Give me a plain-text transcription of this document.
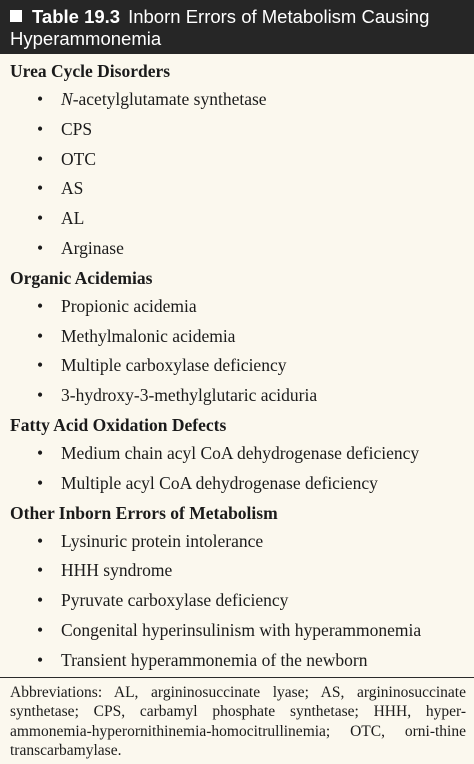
Table 19.3 Inborn Errors of Metabolism Causing Hyperammonemia
Urea Cycle Disorders
• N-acetylglutamate synthetase
• CPS
• OTC
• AS
• AL
• Arginase
Organic Acidemias
• Propionic acidemia
• Methylmalonic acidemia
• Multiple carboxylase deficiency
• 3-hydroxy-3-methylglutaric aciduria
Fatty Acid Oxidation Defects
• Medium chain acyl CoA dehydrogenase deficiency
• Multiple acyl CoA dehydrogenase deficiency
Other Inborn Errors of Metabolism
• Lysinuric protein intolerance
• HHH syndrome
• Pyruvate carboxylase deficiency
• Congenital hyperinsulinism with hyperammonemia
• Transient hyperammonemia of the newborn
Abbreviations: AL, argininosuccinate lyase; AS, argininosuccinate synthetase; CPS, carbamyl phosphate synthetase; HHH, hyper-ammonemia-hyperornithinemia-homocitrullinemia; OTC, orni-thine transcarbamylase.
